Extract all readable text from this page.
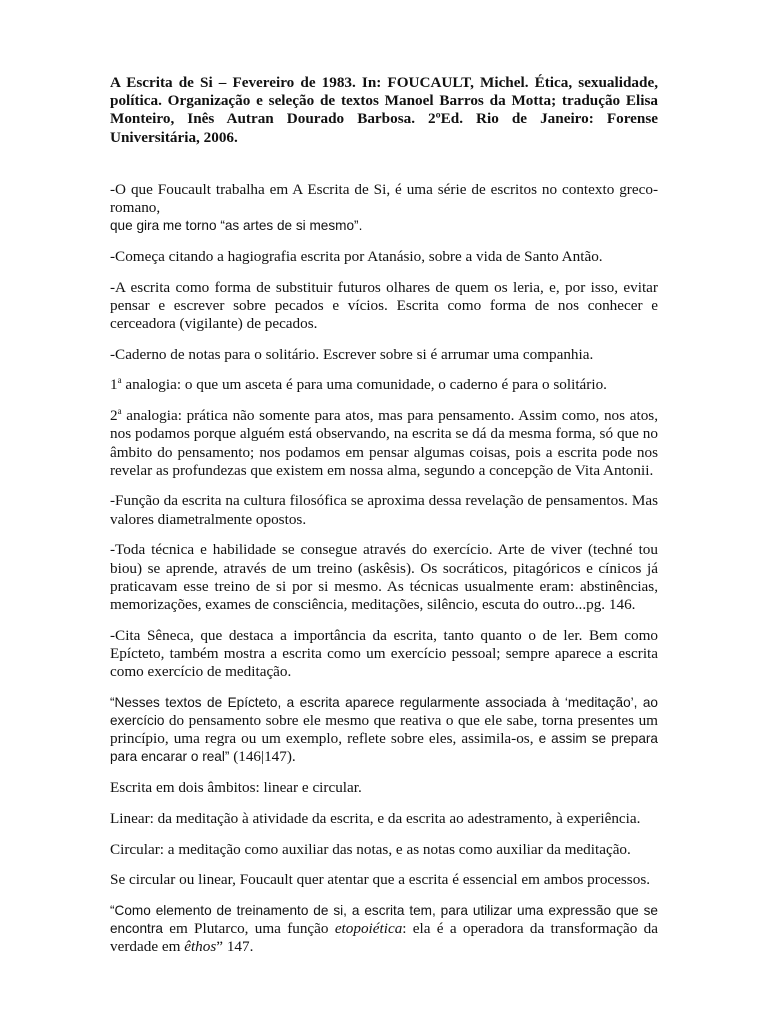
A Escrita de Si – Fevereiro de 1983. In: FOUCAULT, Michel. Ética, sexualidade, política. Organização e seleção de textos Manoel Barros da Motta; tradução Elisa Monteiro, Inês Autran Dourado Barbosa. 2ºEd. Rio de Janeiro: Forense Universitária, 2006.

-O que Foucault trabalha em A Escrita de Si, é uma série de escritos no contexto greco-romano,
que gira me torno “as artes de si mesmo”.

-Começa citando a hagiografia escrita por Atanásio, sobre a vida de Santo Antão.

-A escrita como forma de substituir futuros olhares de quem os leria, e, por isso, evitar pensar e escrever sobre pecados e vícios. Escrita como forma de nos conhecer e cerceadora (vigilante) de pecados.

-Caderno de notas para o solitário. Escrever sobre si é arrumar uma companhia.

1$^a$ analogia: o que um asceta é para uma comunidade, o caderno é para o solitário.

2$^a$ analogia: prática não somente para atos, mas para pensamento. Assim como, nos atos, nos podamos porque alguém está observando, na escrita se dá da mesma forma, só que no âmbito do pensamento; nos podamos em pensar algumas coisas, pois a escrita pode nos revelar as profundezas que existem em nossa alma, segundo a concepção de Vita Antonii.

-Função da escrita na cultura filosófica se aproxima dessa revelação de pensamentos. Mas valores diametralmente opostos.

-Toda técnica e habilidade se consegue através do exercício. Arte de viver (techné tou biou) se aprende, através de um treino (askêsis). Os socráticos, pitagóricos e cínicos já praticavam esse treino de si por si mesmo. As técnicas usualmente eram: abstinências, memorizações, exames de consciência, meditações, silêncio, escuta do outro...pg. 146.

-Cita Sêneca, que destaca a importância da escrita, tanto quanto o de ler. Bem como Epícteto, também mostra a escrita como um exercício pessoal; sempre aparece a escrita como exercício de meditação.

“Nesses textos de Epícteto, a escrita aparece regularmente associada à ‘meditação’, ao exercício do pensamento sobre ele mesmo que reativa o que ele sabe, torna presentes um princípio, uma regra ou um exemplo, reflete sobre eles, assimila-os, e assim se prepara para encarar o real” (146|147).

Escrita em dois âmbitos: linear e circular.

Linear: da meditação à atividade da escrita, e da escrita ao adestramento, à experiência.

Circular: a meditação como auxiliar das notas, e as notas como auxiliar da meditação.

Se circular ou linear, Foucault quer atentar que a escrita é essencial em ambos processos.

“Como elemento de treinamento de si, a escrita tem, para utilizar uma expressão que se encontra em Plutarco, uma função etopoiética: ela é a operadora da transformação da verdade em êthos” 147.
